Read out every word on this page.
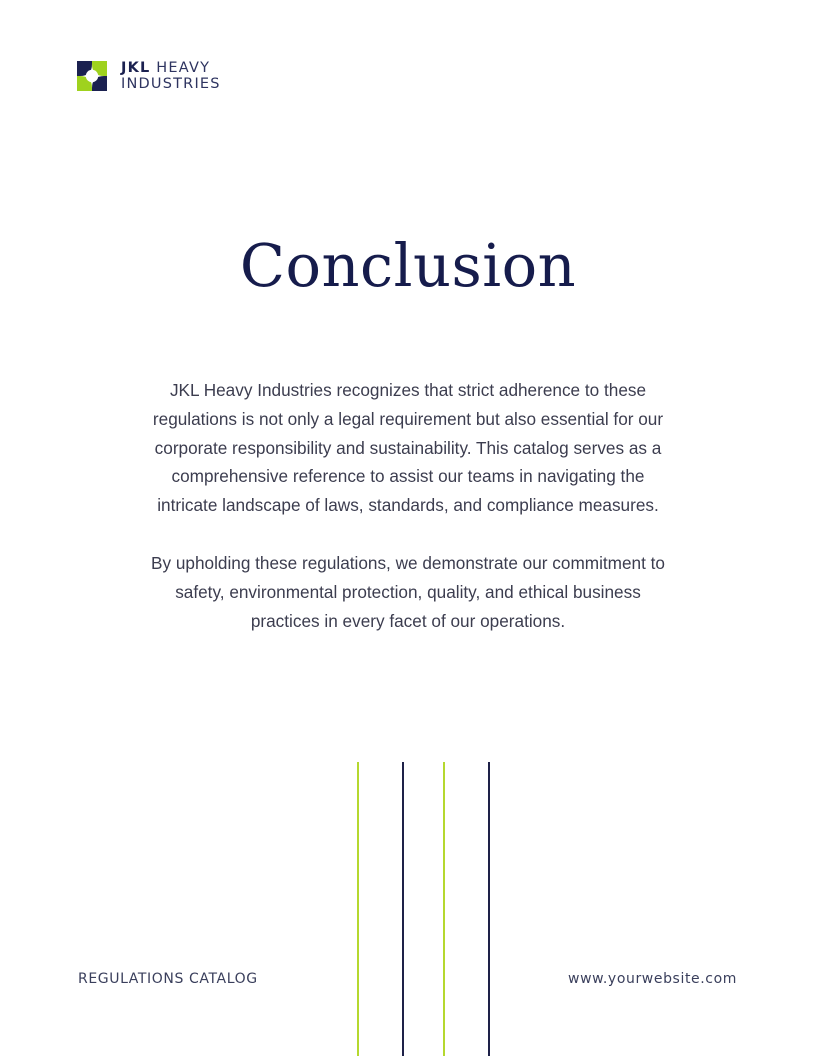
JKL HEAVY
INDUSTRIES
Conclusion
JKL Heavy Industries recognizes that strict adherence to these
regulations is not only a legal requirement but also essential for our
corporate responsibility and sustainability. This catalog serves as a
comprehensive reference to assist our teams in navigating the
intricate landscape of laws, standards, and compliance measures.
By upholding these regulations, we demonstrate our commitment to
safety, environmental protection, quality, and ethical business
practices in every facet of our operations.
REGULATIONS CATALOG	www.yourwebsite.com
